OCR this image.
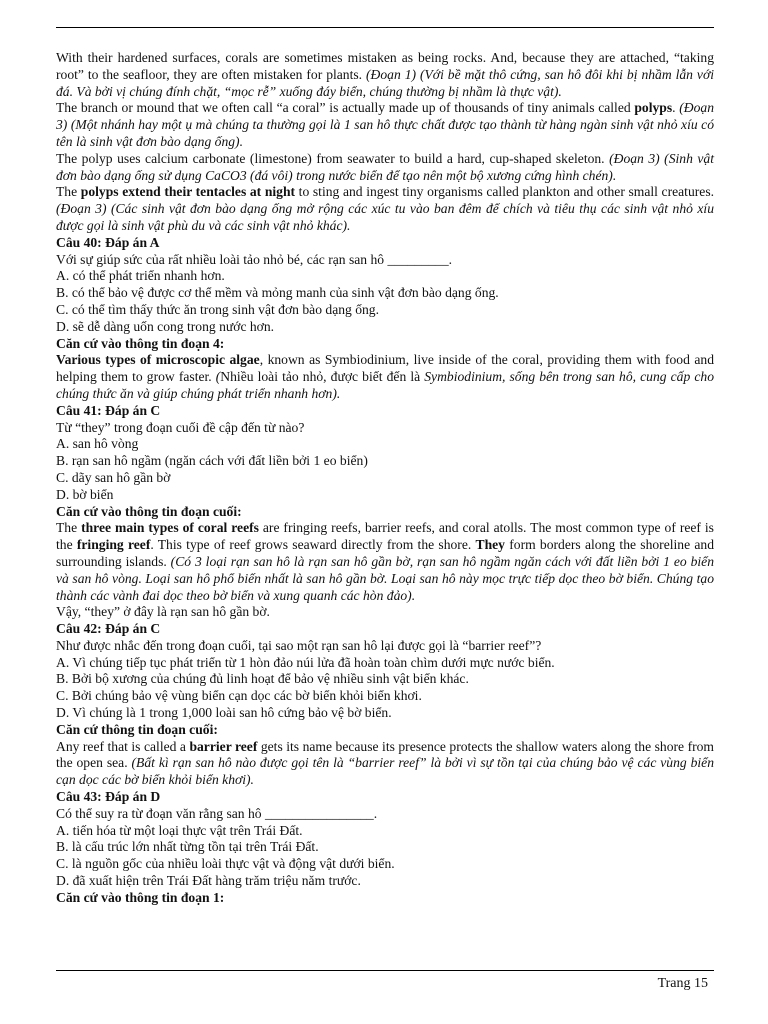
With their hardened surfaces, corals are sometimes mistaken as being rocks. And, because they are attached, “taking root” to the seafloor, they are often mistaken for plants. (Đoạn 1) (Với bề mặt thô cứng, san hô đôi khi bị nhầm lẫn với đá. Và bởi vị chúng đính chặt, “mọc rễ” xuống đáy biển, chúng thường bị nhầm là thực vật).

The branch or mound that we often call “a coral” is actually made up of thousands of tiny animals called polyps. (Đoạn 3) (Một nhánh hay một ụ mà chúng ta thường gọi là 1 san hô thực chất được tạo thành từ hàng ngàn sinh vật nhỏ xíu có tên là sinh vật đơn bào dạng ống).

The polyp uses calcium carbonate (limestone) from seawater to build a hard, cup-shaped skeleton. (Đoạn 3) (Sinh vật đơn bào dạng ống sử dụng CaCO3 (đá vôi) trong nước biển để tạo nên một bộ xương cứng hình chén).

The polyps extend their tentacles at night to sting and ingest tiny organisms called plankton and other small creatures. (Đoạn 3) (Các sinh vật đơn bào dạng ống mở rộng các xúc tu vào ban đêm để chích và tiêu thụ các sinh vật nhỏ xíu được gọi là sinh vật phù du và các sinh vật nhỏ khác).

Câu 40: Đáp án A

Với sự giúp sức của rất nhiều loài tảo nhỏ bé, các rạn san hô _________.

A. có thể phát triển nhanh hơn.

B. có thể bảo vệ được cơ thể mềm và mỏng manh của sinh vật đơn bào dạng ống.

C. có thể tìm thấy thức ăn trong sinh vật đơn bào dạng ống.

D. sẽ dễ dàng uốn cong trong nước hơn.

Căn cứ vào thông tin đoạn 4:

Various types of microscopic algae, known as Symbiodinium, live inside of the coral, providing them with food and helping them to grow faster. (Nhiều loài tảo nhỏ, được biết đến là Symbiodinium, sống bên trong san hô, cung cấp cho chúng thức ăn và giúp chúng phát triển nhanh hơn).

Câu 41: Đáp án C

Từ “they” trong đoạn cuối đề cập đến từ nào?

A. san hô vòng

B. rạn san hô ngầm (ngăn cách với đất liền bởi 1 eo biển)

C. dãy san hô gần bờ

D. bờ biển

Căn cứ vào thông tin đoạn cuối:

The three main types of coral reefs are fringing reefs, barrier reefs, and coral atolls. The most common type of reef is the fringing reef. This type of reef grows seaward directly from the shore. They form borders along the shoreline and surrounding islands. (Có 3 loại rạn san hô là rạn san hô gần bờ, rạn san hô ngầm ngăn cách với đất liền bởi 1 eo biển và san hô vòng. Loại san hô phổ biến nhất là san hô gần bờ. Loại san hô này mọc trực tiếp dọc theo bờ biển. Chúng tạo thành các vành đai dọc theo bờ biển và xung quanh các hòn đảo).

Vậy, “they” ở đây là rạn san hô gần bờ.

Câu 42: Đáp án C

Như được nhắc đến trong đoạn cuối, tại sao một rạn san hô lại được gọi là “barrier reef”?

A. Vì chúng tiếp tục phát triển từ 1 hòn đảo núi lửa đã hoàn toàn chìm dưới mực nước biển.

B. Bởi bộ xương của chúng đủ linh hoạt để bảo vệ nhiều sinh vật biển khác.

C. Bởi chúng bảo vệ vùng biển cạn dọc các bờ biển khỏi biển khơi.

D. Vì chúng là 1 trong 1,000 loài san hô cứng bảo vệ bờ biển.

Căn cứ thông tin đoạn cuối:

Any reef that is called a barrier reef gets its name because its presence protects the shallow waters along the shore from the open sea. (Bất kì rạn san hô nào được gọi tên là “barrier reef” là bởi vì sự tồn tại của chúng bảo vệ các vùng biển cạn dọc các bờ biển khỏi biển khơi).

Câu 43: Đáp án D

Có thể suy ra từ đoạn văn rằng san hô ________________.

A. tiến hóa từ một loại thực vật trên Trái Đất.

B. là cấu trúc lớn nhất từng tồn tại trên Trái Đất.

C. là nguồn gốc của nhiều loài thực vật và động vật dưới biển.

D. đã xuất hiện trên Trái Đất hàng trăm triệu năm trước.

Căn cứ vào thông tin đoạn 1:

Trang 15
